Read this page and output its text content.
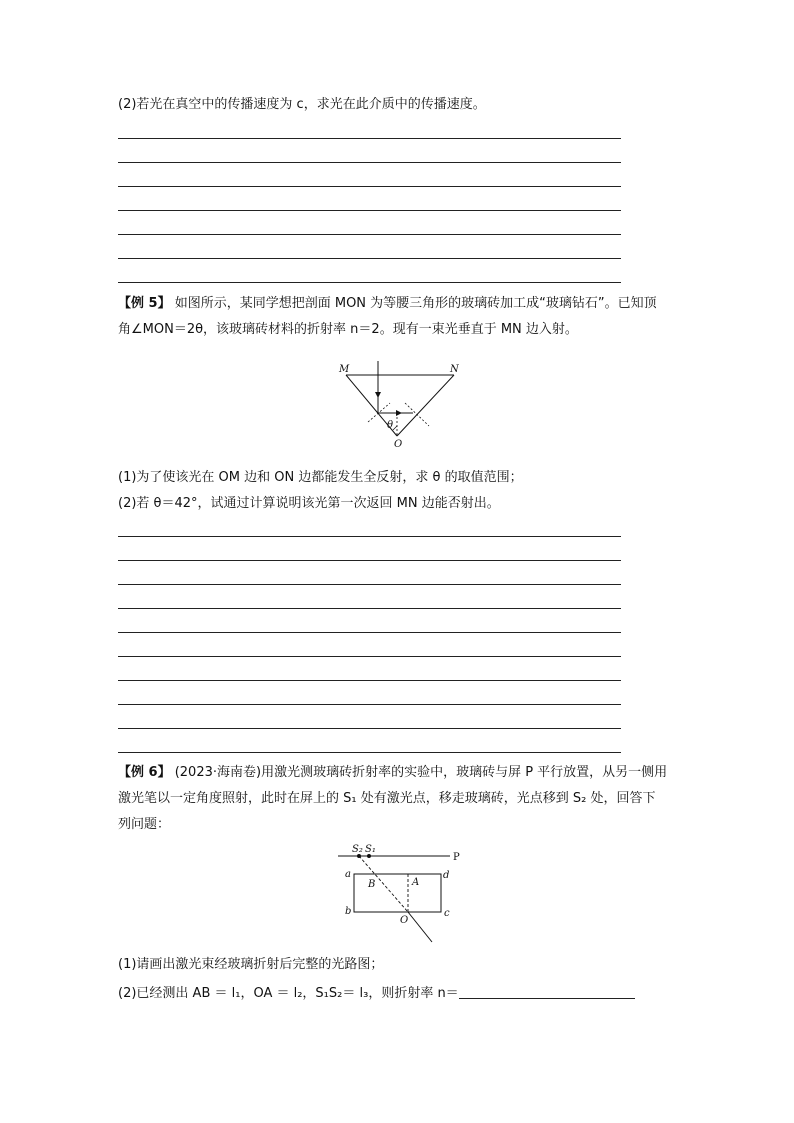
(2)若光在真空中的传播速度为 c，求光在此介质中的传播速度。
【例 5】 如图所示，某同学想把剖面 MON 为等腰三角形的玻璃砖加工成“玻璃钻石”。已知顶
角∠MON＝2θ，该玻璃砖材料的折射率 n＝2。现有一束光垂直于 MN 边入射。
M	N
O
θ
(1)为了使该光在 OM 边和 ON 边都能发生全反射，求 θ 的取值范围；
(2)若 θ＝42°，试通过计算说明该光第一次返回 MN 边能否射出。
【例 6】 (2023·海南卷)用激光测玻璃砖折射率的实验中，玻璃砖与屏 P 平行放置，从另一侧用
激光笔以一定角度照射，此时在屏上的 S₁ 处有激光点，移走玻璃砖，光点移到 S₂ 处，回答下
列问题：
S₂ S₁
P
a
B	A
d
b
O
c
(1)请画出激光束经玻璃折射后完整的光路图；
(2)已经测出 AB ＝ l₁，OA ＝ l₂，S₁S₂＝ l₃，则折射率 n＝
